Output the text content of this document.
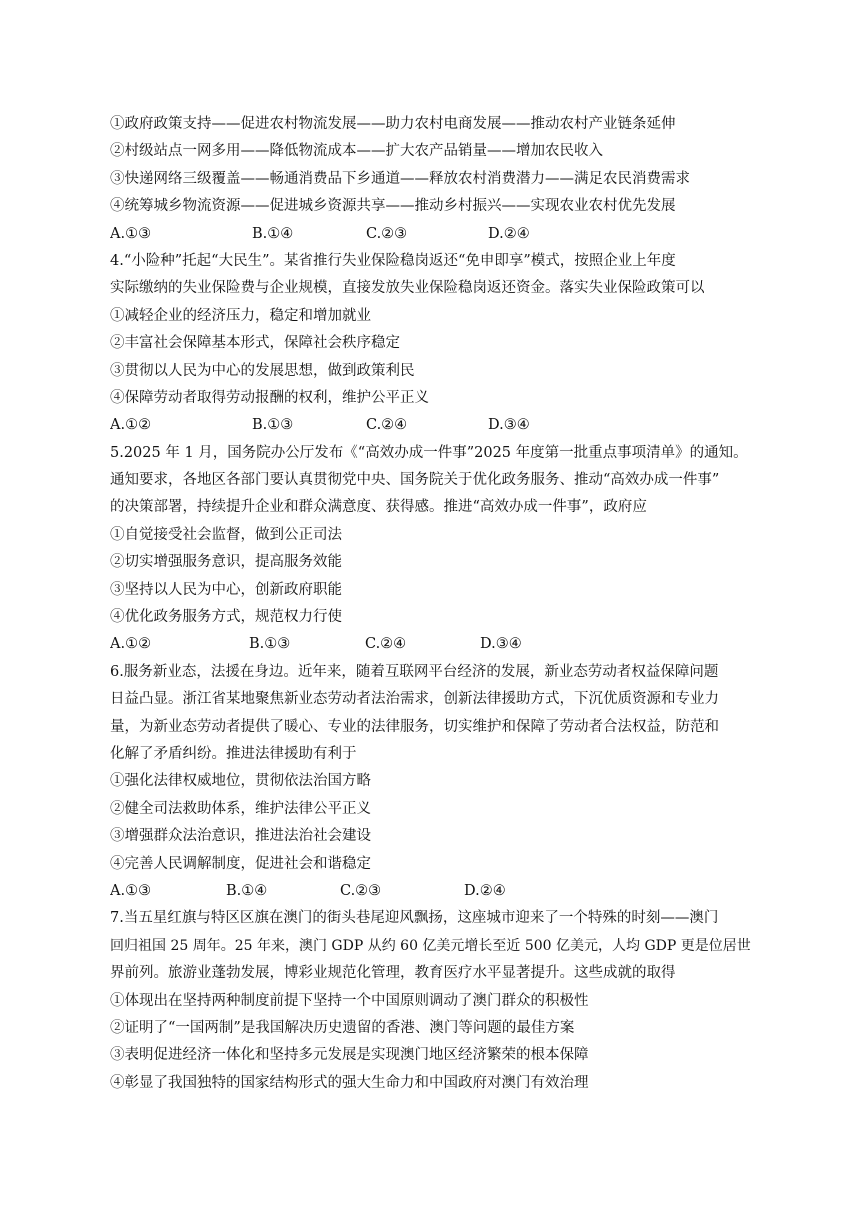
①政府政策支持——促进农村物流发展——助力农村电商发展——推动农村产业链条延伸
②村级站点一网多用——降低物流成本——扩大农产品销量——增加农民收入
③快递网络三级覆盖——畅通消费品下乡通道——释放农村消费潜力——满足农民消费需求
④统筹城乡物流资源——促进城乡资源共享——推动乡村振兴——实现农业农村优先发展
A.①③	B.①④	C.②③	D.②④
4.“小险种”托起“大民生”。某省推行失业保险稳岗返还“免申即享”模式，按照企业上年度
实际缴纳的失业保险费与企业规模，直接发放失业保险稳岗返还资金。落实失业保险政策可以
①减轻企业的经济压力，稳定和增加就业
②丰富社会保障基本形式，保障社会秩序稳定
③贯彻以人民为中心的发展思想，做到政策利民
④保障劳动者取得劳动报酬的权利，维护公平正义
A.①②	B.①③	C.②④	D.③④
5.2025 年 1 月，国务院办公厅发布《“高效办成一件事”2025 年度第一批重点事项清单》的通知。
通知要求，各地区各部门要认真贯彻党中央、国务院关于优化政务服务、推动“高效办成一件事”
的决策部署，持续提升企业和群众满意度、获得感。推进“高效办成一件事”，政府应
①自觉接受社会监督，做到公正司法
②切实增强服务意识，提高服务效能
③坚持以人民为中心，创新政府职能
④优化政务服务方式，规范权力行使
A.①②	B.①③	C.②④	D.③④
6.服务新业态，法援在身边。近年来，随着互联网平台经济的发展，新业态劳动者权益保障问题
日益凸显。浙江省某地聚焦新业态劳动者法治需求，创新法律援助方式，下沉优质资源和专业力
量，为新业态劳动者提供了暖心、专业的法律服务，切实维护和保障了劳动者合法权益，防范和
化解了矛盾纠纷。推进法律援助有利于
①强化法律权威地位，贯彻依法治国方略
②健全司法救助体系，维护法律公平正义
③增强群众法治意识，推进法治社会建设
④完善人民调解制度，促进社会和谐稳定
A.①③	B.①④	C.②③	D.②④
7.当五星红旗与特区区旗在澳门的街头巷尾迎风飘扬，这座城市迎来了一个特殊的时刻——澳门
回归祖国 25 周年。25 年来，澳门 GDP 从约 60 亿美元增长至近 500 亿美元，人均 GDP 更是位居世
界前列。旅游业蓬勃发展，博彩业规范化管理，教育医疗水平显著提升。这些成就的取得
①体现出在坚持两种制度前提下坚持一个中国原则调动了澳门群众的积极性
②证明了“一国两制”是我国解决历史遗留的香港、澳门等问题的最佳方案
③表明促进经济一体化和坚持多元发展是实现澳门地区经济繁荣的根本保障
④彰显了我国独特的国家结构形式的强大生命力和中国政府对澳门有效治理
